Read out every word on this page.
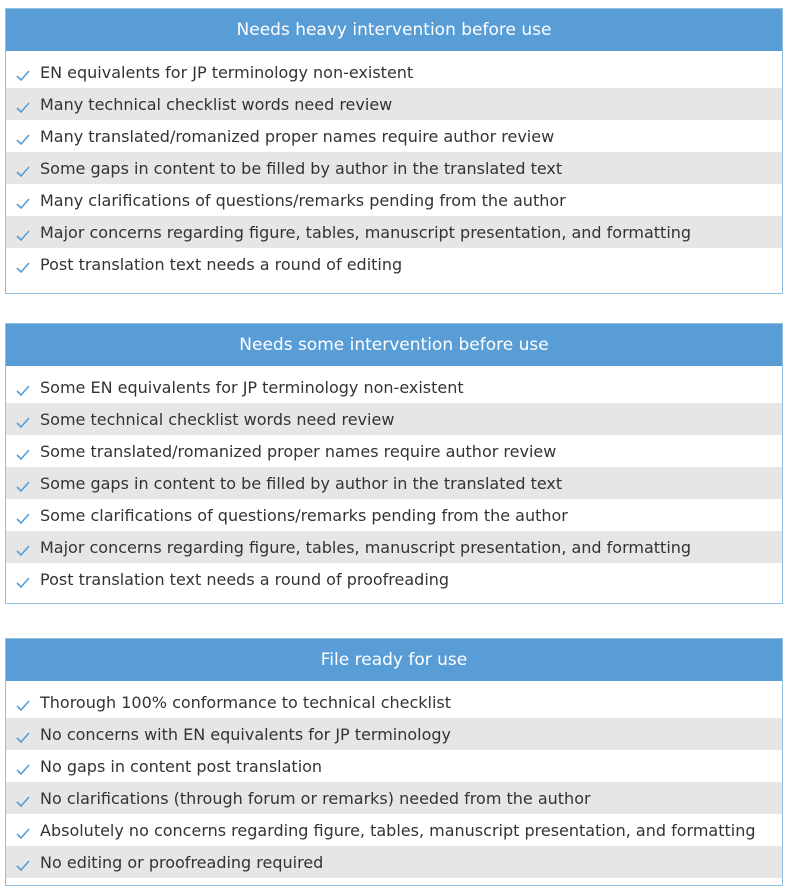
Needs heavy intervention before use
EN equivalents for JP terminology non-existent
Many technical checklist words need review
Many translated/romanized proper names require author review
Some gaps in content to be filled by author in the translated text
Many clarifications of questions/remarks pending from the author
Major concerns regarding figure, tables, manuscript presentation, and formatting
Post translation text needs a round of editing
Needs some intervention before use
Some EN equivalents for JP terminology non-existent
Some technical checklist words need review
Some translated/romanized proper names require author review
Some gaps in content to be filled by author in the translated text
Some clarifications of questions/remarks pending from the author
Major concerns regarding figure, tables, manuscript presentation, and formatting
Post translation text needs a round of proofreading
File ready for use
Thorough 100% conformance to technical checklist
No concerns with EN equivalents for JP terminology
No gaps in content post translation
No clarifications (through forum or remarks) needed from the author
Absolutely no concerns regarding figure, tables, manuscript presentation, and formatting
No editing or proofreading required
